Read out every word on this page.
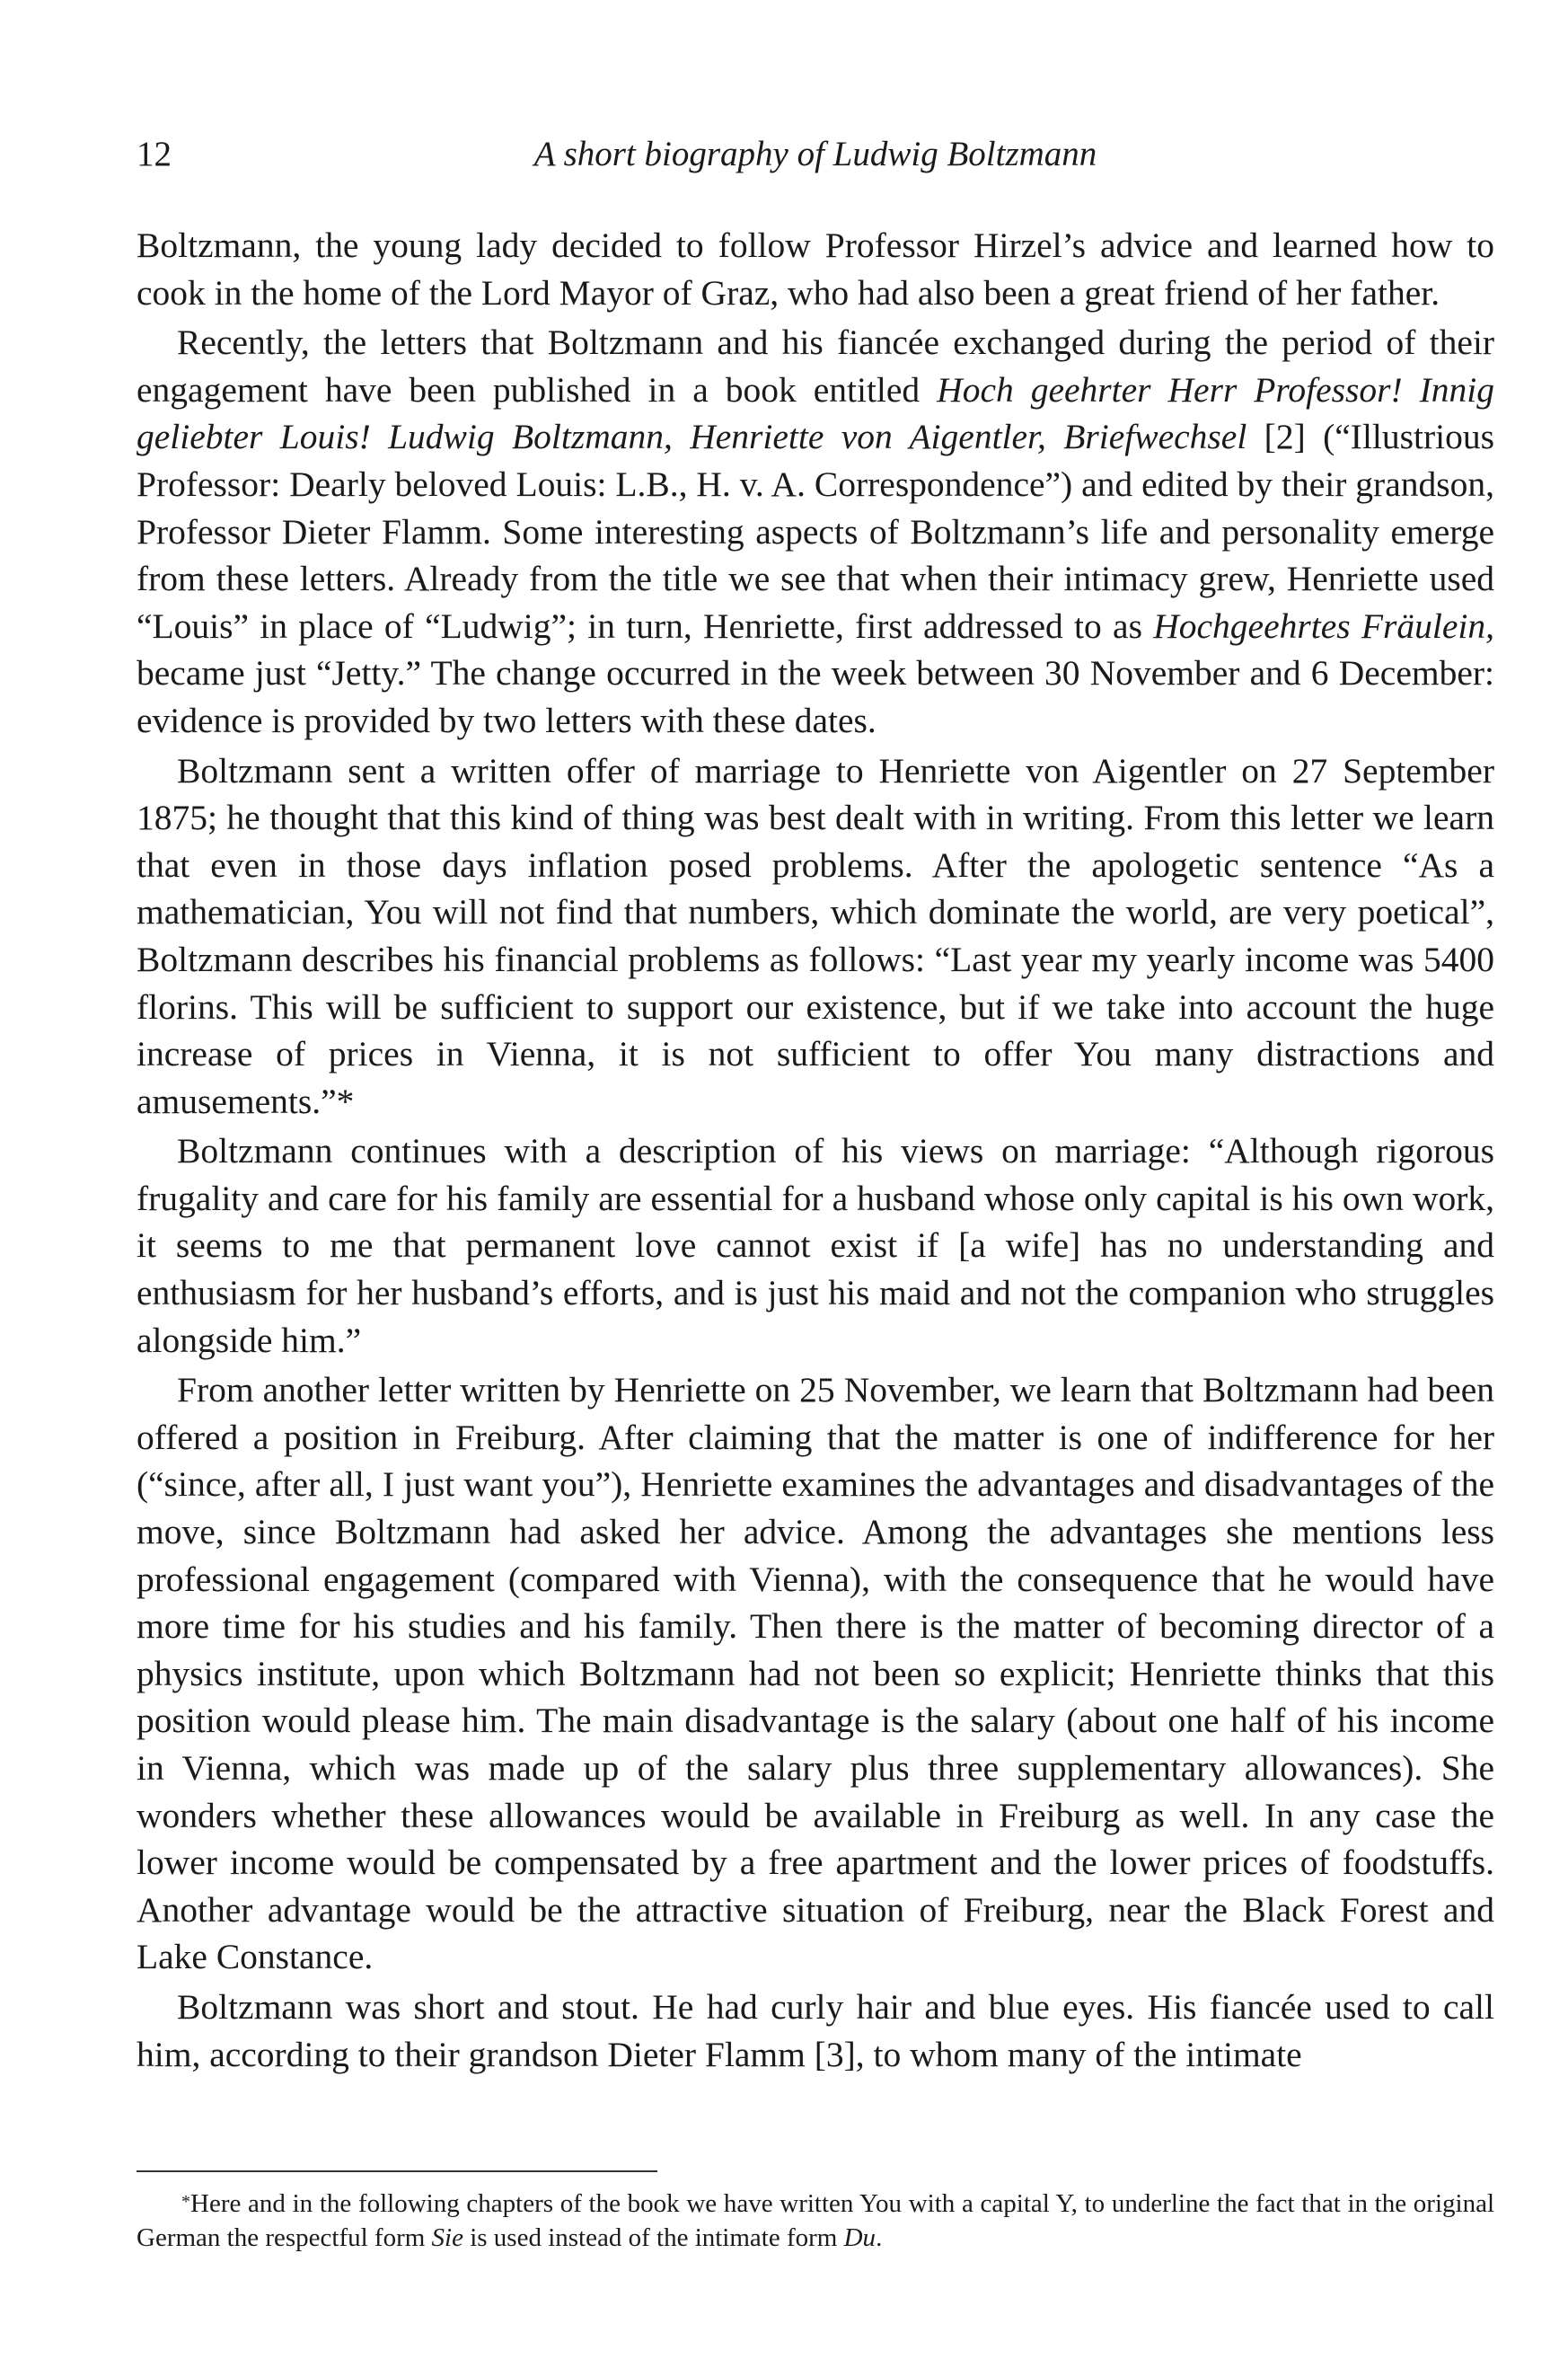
12	A short biography of Ludwig Boltzmann

Boltzmann, the young lady decided to follow Professor Hirzel’s advice and learned how to cook in the home of the Lord Mayor of Graz, who had also been a great friend of her father.

Recently, the letters that Boltzmann and his fiancée exchanged during the period of their engagement have been published in a book entitled Hoch geehrter Herr Professor! Innig geliebter Louis! Ludwig Boltzmann, Henriette von Aigentler, Briefwechsel [2] (“Illustrious Professor: Dearly beloved Louis: L.B., H. v. A. Correspondence”) and edited by their grandson, Professor Dieter Flamm. Some interesting aspects of Boltzmann’s life and personality emerge from these letters. Already from the title we see that when their intimacy grew, Henriette used “Louis” in place of “Ludwig”; in turn, Henriette, first addressed to as Hochgeehrtes Fräulein, became just “Jetty.” The change occurred in the week between 30 November and 6 December: evidence is provided by two letters with these dates.

Boltzmann sent a written offer of marriage to Henriette von Aigentler on 27 September 1875; he thought that this kind of thing was best dealt with in writing. From this letter we learn that even in those days inflation posed problems. After the apologetic sentence “As a mathematician, You will not find that numbers, which dominate the world, are very poetical”, Boltzmann describes his financial problems as follows: “Last year my yearly income was 5400 florins. This will be sufficient to support our existence, but if we take into account the huge increase of prices in Vienna, it is not sufficient to offer You many distractions and amusements.”*

Boltzmann continues with a description of his views on marriage: “Although rigorous frugality and care for his family are essential for a husband whose only capital is his own work, it seems to me that permanent love cannot exist if [a wife] has no understanding and enthusiasm for her husband’s efforts, and is just his maid and not the companion who struggles alongside him.”

From another letter written by Henriette on 25 November, we learn that Boltzmann had been offered a position in Freiburg. After claiming that the matter is one of indifference for her (“since, after all, I just want you”), Henriette examines the advantages and disadvantages of the move, since Boltzmann had asked her advice. Among the advantages she mentions less professional engagement (compared with Vienna), with the consequence that he would have more time for his studies and his family. Then there is the matter of becoming director of a physics institute, upon which Boltzmann had not been so explicit; Henriette thinks that this position would please him. The main disadvantage is the salary (about one half of his income in Vienna, which was made up of the salary plus three supplementary allowances). She wonders whether these allowances would be available in Freiburg as well. In any case the lower income would be compensated by a free apartment and the lower prices of foodstuffs. Another advantage would be the attractive situation of Freiburg, near the Black Forest and Lake Constance.

Boltzmann was short and stout. He had curly hair and blue eyes. His fiancée used to call him, according to their grandson Dieter Flamm [3], to whom many of the intimate

*Here and in the following chapters of the book we have written You with a capital Y, to underline the fact that in the original German the respectful form Sie is used instead of the intimate form Du.
